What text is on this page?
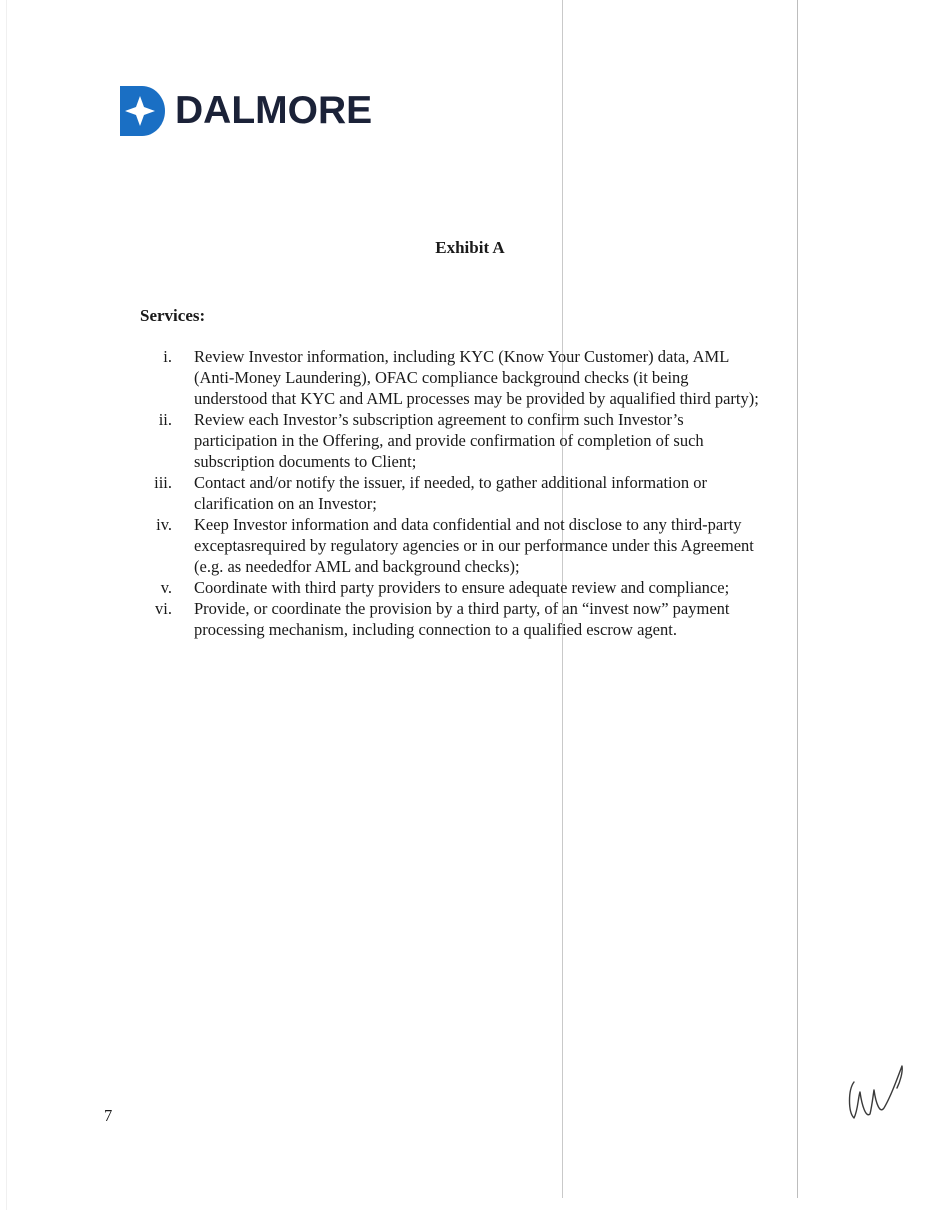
DALMORE
Exhibit A
Services:
i.	Review Investor information, including KYC (Know Your Customer) data, AML
(Anti-Money Laundering), OFAC compliance background checks (it being
understood that KYC and AML processes may be provided by aqualified third party);
ii.	Review each Investor’s subscription agreement to confirm such Investor’s
participation in the Offering, and provide confirmation of completion of such
subscription documents to Client;
iii.	Contact and/or notify the issuer, if needed, to gather additional information or
clarification on an Investor;
iv.	Keep Investor information and data confidential and not disclose to any third-party
exceptasrequired by regulatory agencies or in our performance under this Agreement
(e.g. as neededfor AML and background checks);
v.	Coordinate with third party providers to ensure adequate review and compliance;
vi.	Provide, or coordinate the provision by a third party, of an “invest now” payment
processing mechanism, including connection to a qualified escrow agent.
7
